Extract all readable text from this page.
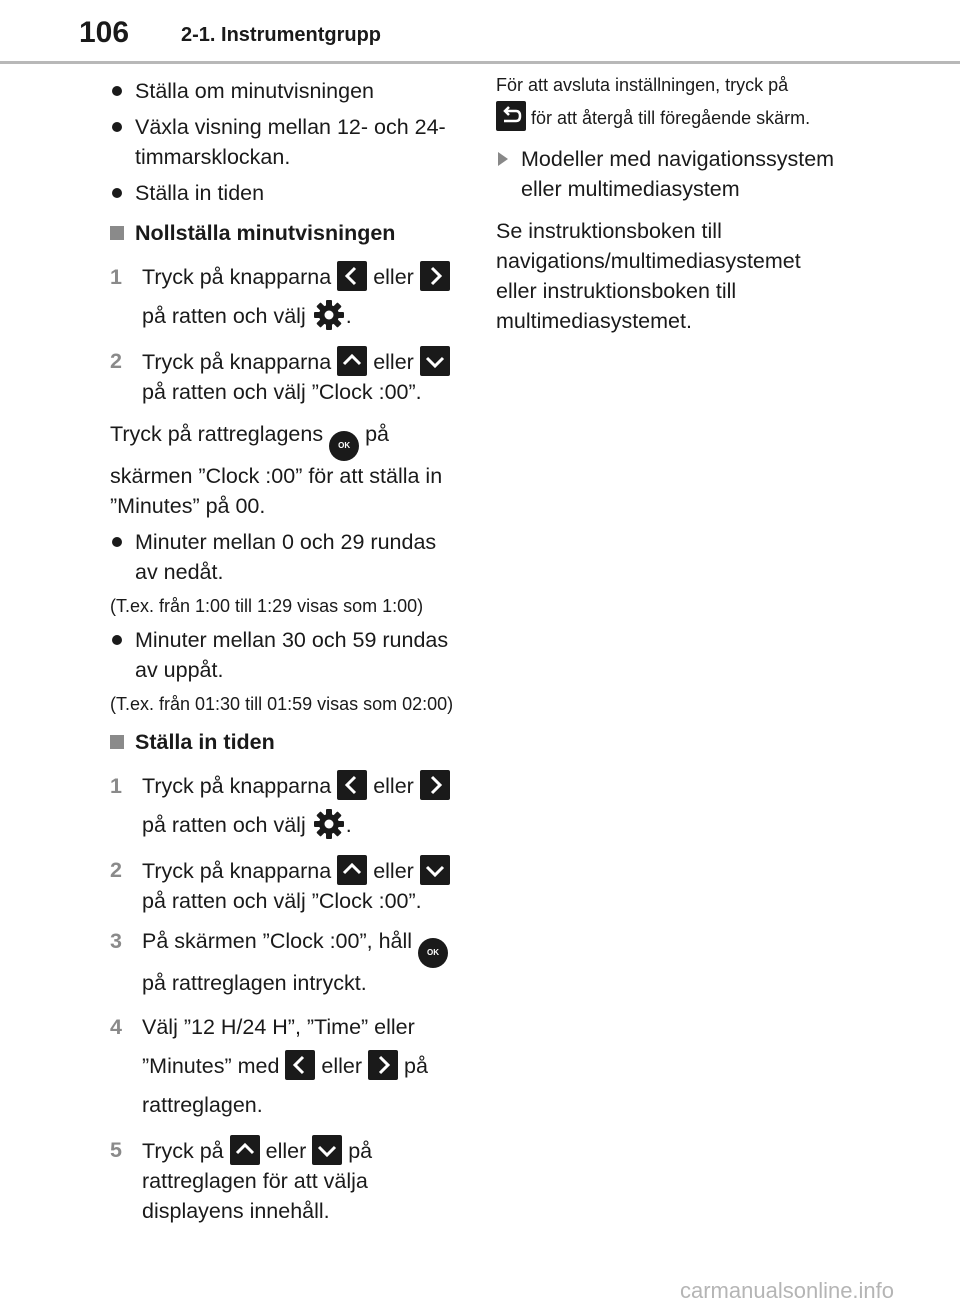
106	2-1. Instrumentgrupp
Ställa om minutvisningen
Växla visning mellan 12- och 24-timmarsklockan.
Ställa in tiden
Nollställa minutvisningen
1 Tryck på knapparna eller

på ratten och välj .
2 Tryck på knapparna eller
på ratten och välj ”Clock :00”.
Tryck på rattreglagens OK på skärmen ”Clock :00” för att ställa in ”Minutes” på 00.
Minuter mellan 0 och 29 rundas av nedåt.
(T.ex. från 1:00 till 1:29 visas som 1:00)
Minuter mellan 30 och 59 rundas av uppåt.
(T.ex. från 01:30 till 01:59 visas som 02:00)
Ställa in tiden
1 Tryck på knapparna eller

på ratten och välj .
2 Tryck på knapparna eller
på ratten och välj ”Clock :00”.
3 På skärmen ”Clock :00”, håll OK på rattreglagen intryckt.
4 Välj ”12 H/24 H”, ”Time” eller
”Minutes” med eller på rattreglagen.
5 Tryck på eller på rattreglagen för att välja displayens innehåll.
För att avsluta inställningen, tryck på

för att återgå till föregående skärm.
Modeller med navigationssystem eller multimediasystem
Se instruktionsboken till navigations/multimediasystemet eller instruktionsboken till multimediasystemet.
carmanualsonline.info
